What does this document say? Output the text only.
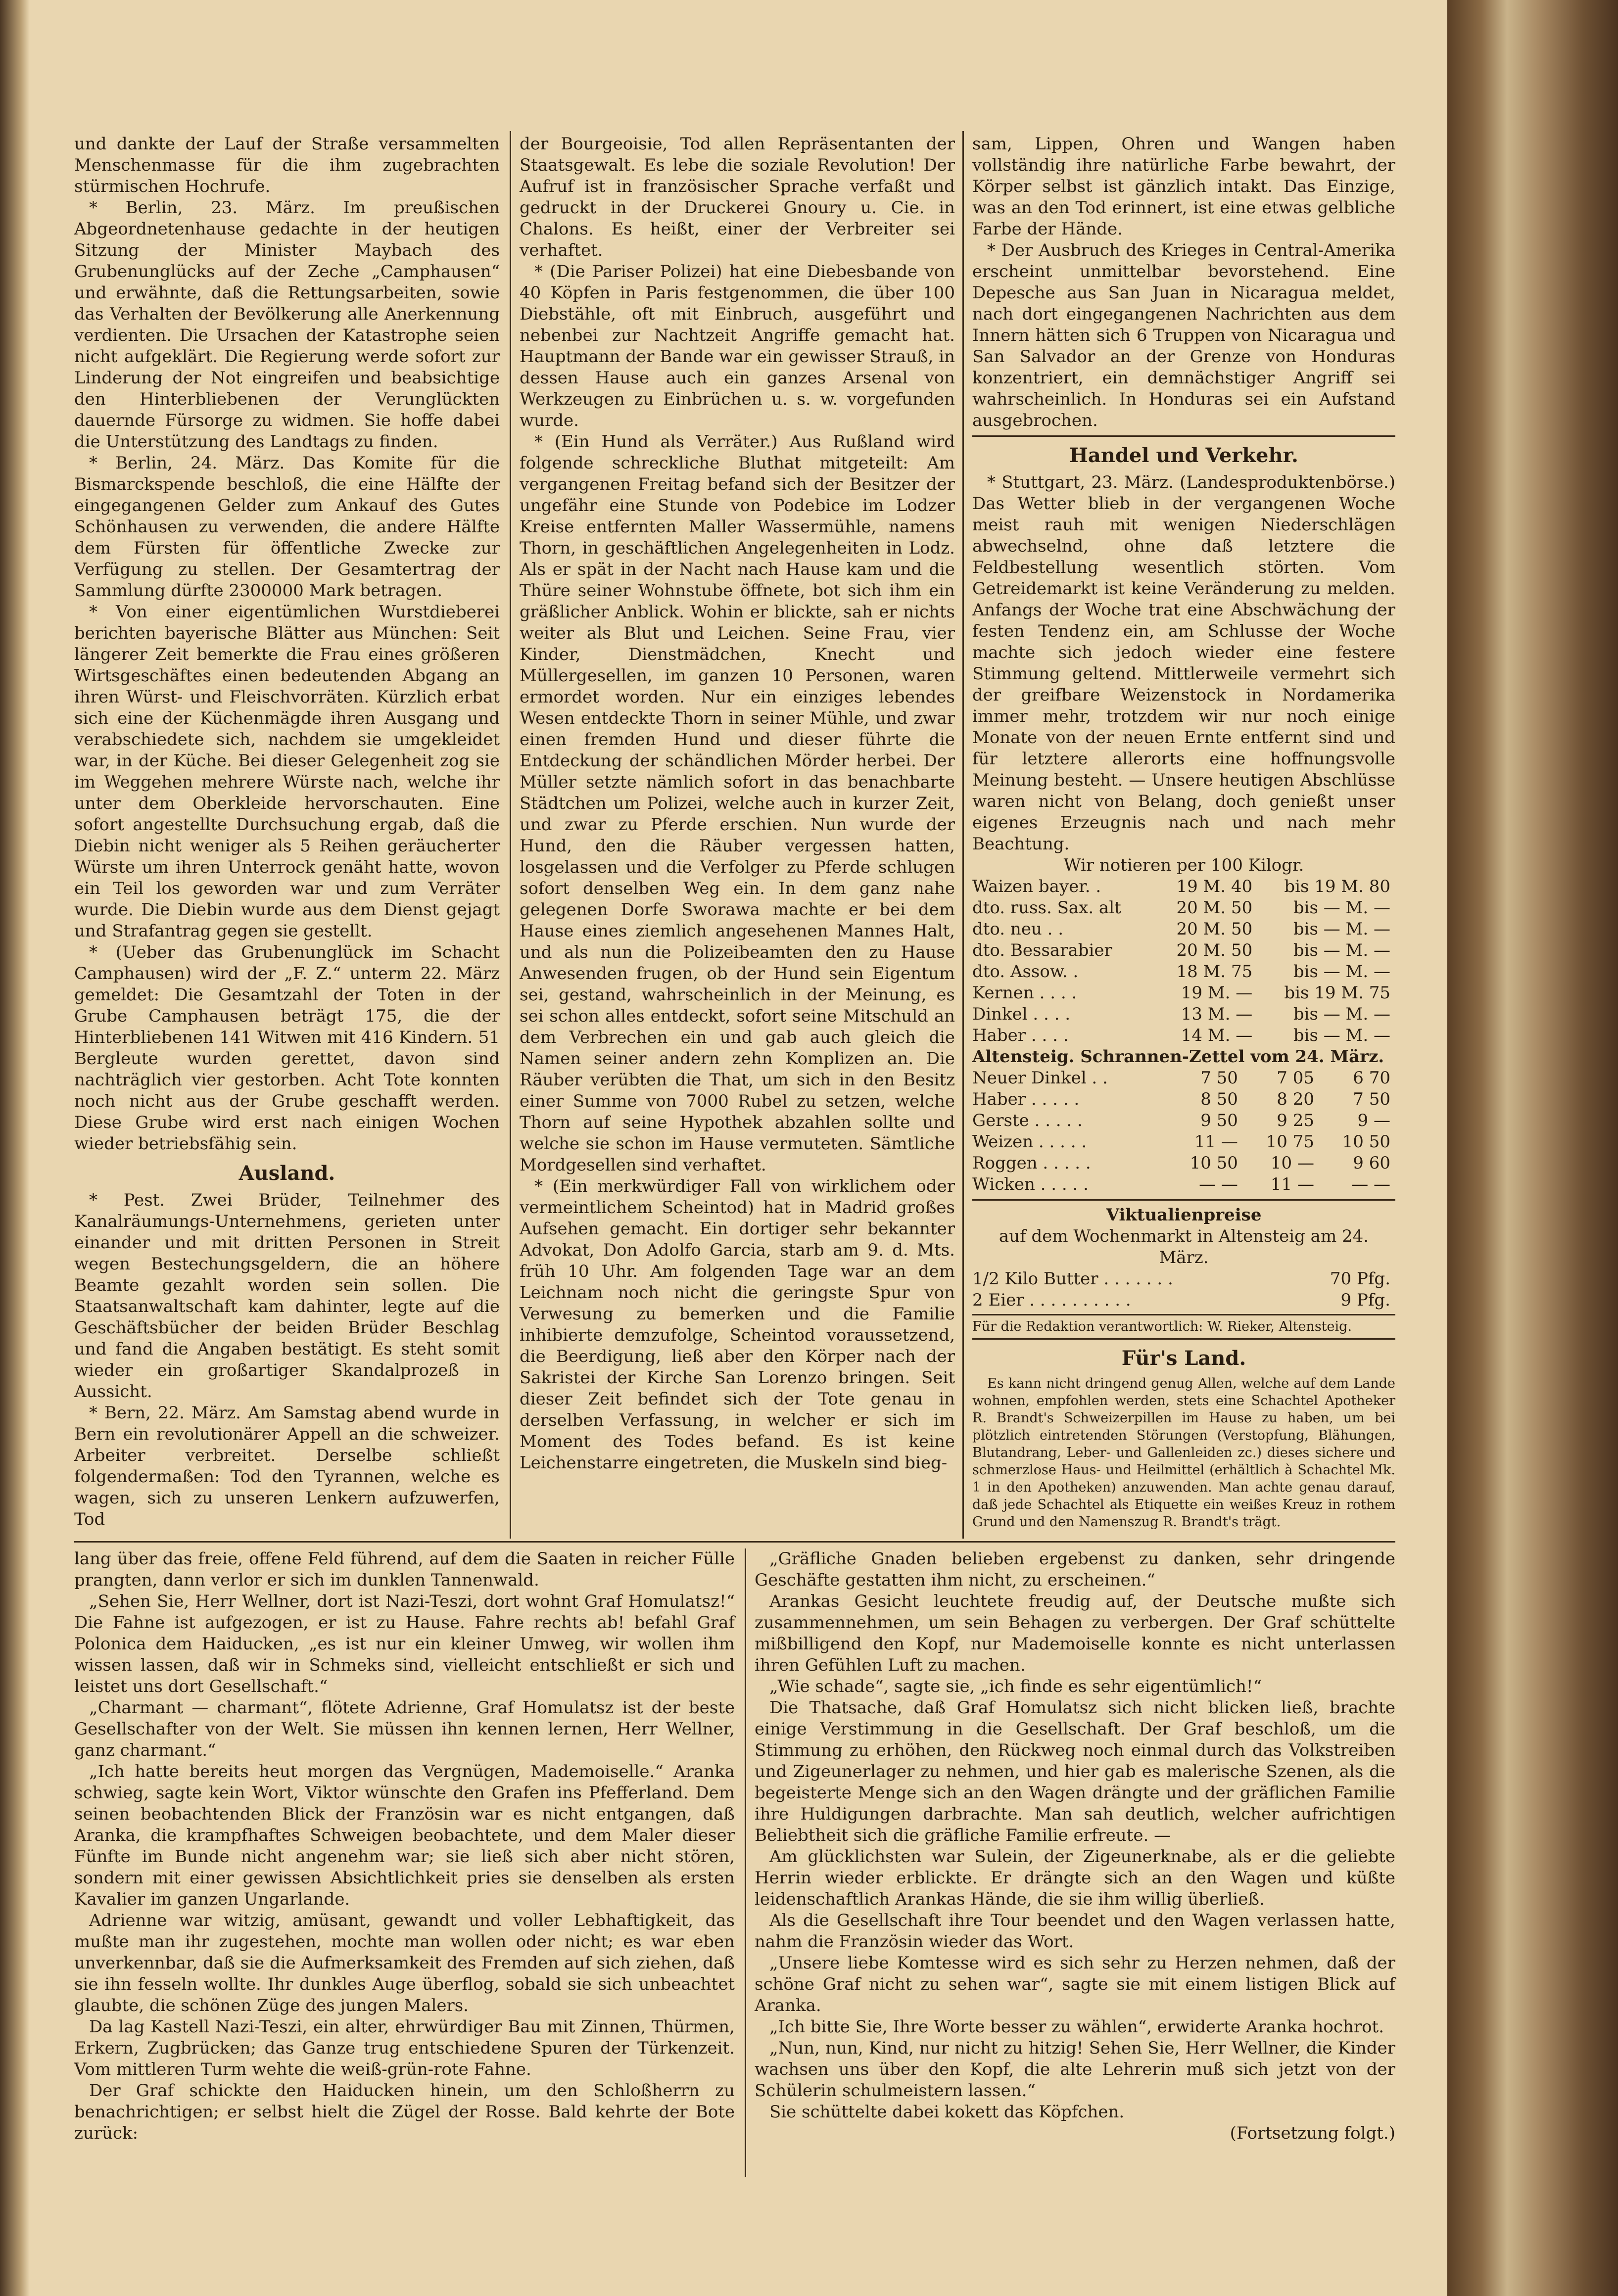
und dankte der Lauf der Straße versammelten Menschenmasse für die ihm zugebrachten stürmischen Hochrufe.

* Berlin, 23. März. Im preußischen Abgeordnetenhause gedachte in der heutigen Sitzung der Minister Maybach des Grubenunglücks auf der Zeche „Camphausen“ und erwähnte, daß die Rettungsarbeiten, sowie das Verhalten der Bevölkerung alle Anerkennung verdienten. Die Ursachen der Katastrophe seien nicht aufgeklärt. Die Regierung werde sofort zur Linderung der Not eingreifen und beabsichtige den Hinterbliebenen der Verunglückten dauernde Fürsorge zu widmen. Sie hoffe dabei die Unterstützung des Landtags zu finden.

* Berlin, 24. März. Das Komite für die Bismarckspende beschloß, die eine Hälfte der eingegangenen Gelder zum Ankauf des Gutes Schönhausen zu verwenden, die andere Hälfte dem Fürsten für öffentliche Zwecke zur Verfügung zu stellen. Der Gesamtertrag der Sammlung dürfte 2300000 Mark betragen.

* Von einer eigentümlichen Wurstdieberei berichten bayerische Blätter aus München: Seit längerer Zeit bemerkte die Frau eines größeren Wirtsgeschäftes einen bedeutenden Abgang an ihren Würst- und Fleischvorräten. Kürzlich erbat sich eine der Küchenmägde ihren Ausgang und verabschiedete sich, nachdem sie umgekleidet war, in der Küche. Bei dieser Gelegenheit zog sie im Weggehen mehrere Würste nach, welche ihr unter dem Oberkleide hervorschauten. Eine sofort angestellte Durchsuchung ergab, daß die Diebin nicht weniger als 5 Reihen geräucherter Würste um ihren Unterrock genäht hatte, wovon ein Teil los geworden war und zum Verräter wurde. Die Diebin wurde aus dem Dienst gejagt und Strafantrag gegen sie gestellt.

* (Ueber das Grubenunglück im Schacht Camphausen) wird der „F. Z.“ unterm 22. März gemeldet: Die Gesamtzahl der Toten in der Grube Camphausen beträgt 175, die der Hinterbliebenen 141 Witwen mit 416 Kindern. 51 Bergleute wurden gerettet, davon sind nachträglich vier gestorben. Acht Tote konnten noch nicht aus der Grube geschafft werden. Diese Grube wird erst nach einigen Wochen wieder betriebsfähig sein.

Ausland.

* Pest. Zwei Brüder, Teilnehmer des Kanalräumungs-Unternehmens, gerieten unter einander und mit dritten Personen in Streit wegen Bestechungsgeldern, die an höhere Beamte gezahlt worden sein sollen. Die Staatsanwaltschaft kam dahinter, legte auf die Geschäftsbücher der beiden Brüder Beschlag und fand die Angaben bestätigt. Es steht somit wieder ein großartiger Skandalprozeß in Aussicht.

* Bern, 22. März. Am Samstag abend wurde in Bern ein revolutionärer Appell an die schweizer. Arbeiter verbreitet. Derselbe schließt folgendermaßen: Tod den Tyrannen, welche es wagen, sich zu unseren Lenkern aufzuwerfen, Tod

der Bourgeoisie, Tod allen Repräsentanten der Staatsgewalt. Es lebe die soziale Revolution! Der Aufruf ist in französischer Sprache verfaßt und gedruckt in der Druckerei Gnoury u. Cie. in Chalons. Es heißt, einer der Verbreiter sei verhaftet.

* (Die Pariser Polizei) hat eine Diebesbande von 40 Köpfen in Paris festgenommen, die über 100 Diebstähle, oft mit Einbruch, ausgeführt und nebenbei zur Nachtzeit Angriffe gemacht hat. Hauptmann der Bande war ein gewisser Strauß, in dessen Hause auch ein ganzes Arsenal von Werkzeugen zu Einbrüchen u. s. w. vorgefunden wurde.

* (Ein Hund als Verräter.) Aus Rußland wird folgende schreckliche Bluthat mitgeteilt: Am vergangenen Freitag befand sich der Besitzer der ungefähr eine Stunde von Podebice im Lodzer Kreise entfernten Maller Wassermühle, namens Thorn, in geschäftlichen Angelegenheiten in Lodz. Als er spät in der Nacht nach Hause kam und die Thüre seiner Wohnstube öffnete, bot sich ihm ein gräßlicher Anblick. Wohin er blickte, sah er nichts weiter als Blut und Leichen. Seine Frau, vier Kinder, Dienstmädchen, Knecht und Müllergesellen, im ganzen 10 Personen, waren ermordet worden. Nur ein einziges lebendes Wesen entdeckte Thorn in seiner Mühle, und zwar einen fremden Hund und dieser führte die Entdeckung der schändlichen Mörder herbei. Der Müller setzte nämlich sofort in das benachbarte Städtchen um Polizei, welche auch in kurzer Zeit, und zwar zu Pferde erschien. Nun wurde der Hund, den die Räuber vergessen hatten, losgelassen und die Verfolger zu Pferde schlugen sofort denselben Weg ein. In dem ganz nahe gelegenen Dorfe Sworawa machte er bei dem Hause eines ziemlich angesehenen Mannes Halt, und als nun die Polizeibeamten den zu Hause Anwesenden frugen, ob der Hund sein Eigentum sei, gestand, wahrscheinlich in der Meinung, es sei schon alles entdeckt, sofort seine Mitschuld an dem Verbrechen ein und gab auch gleich die Namen seiner andern zehn Komplizen an. Die Räuber verübten die That, um sich in den Besitz einer Summe von 7000 Rubel zu setzen, welche Thorn auf seine Hypothek abzahlen sollte und welche sie schon im Hause vermuteten. Sämtliche Mordgesellen sind verhaftet.

* (Ein merkwürdiger Fall von wirklichem oder vermeintlichem Scheintod) hat in Madrid großes Aufsehen gemacht. Ein dortiger sehr bekannter Advokat, Don Adolfo Garcia, starb am 9. d. Mts. früh 10 Uhr. Am folgenden Tage war an dem Leichnam noch nicht die geringste Spur von Verwesung zu bemerken und die Familie inhibierte demzufolge, Scheintod voraussetzend, die Beerdigung, ließ aber den Körper nach der Sakristei der Kirche San Lorenzo bringen. Seit dieser Zeit befindet sich der Tote genau in derselben Verfassung, in welcher er sich im Moment des Todes befand. Es ist keine Leichenstarre eingetreten, die Muskeln sind bieg-

sam, Lippen, Ohren und Wangen haben vollständig ihre natürliche Farbe bewahrt, der Körper selbst ist gänzlich intakt. Das Einzige, was an den Tod erinnert, ist eine etwas gelbliche Farbe der Hände.

* Der Ausbruch des Krieges in Central-Amerika erscheint unmittelbar bevorstehend. Eine Depesche aus San Juan in Nicaragua meldet, nach dort eingegangenen Nachrichten aus dem Innern hätten sich 6 Truppen von Nicaragua und San Salvador an der Grenze von Honduras konzentriert, ein demnächstiger Angriff sei wahrscheinlich. In Honduras sei ein Aufstand ausgebrochen.

Handel und Verkehr.

* Stuttgart, 23. März. (Landesproduktenbörse.) Das Wetter blieb in der vergangenen Woche meist rauh mit wenigen Niederschlägen abwechselnd, ohne daß letztere die Feldbestellung wesentlich störten. Vom Getreidemarkt ist keine Veränderung zu melden. Anfangs der Woche trat eine Abschwächung der festen Tendenz ein, am Schlusse der Woche machte sich jedoch wieder eine festere Stimmung geltend. Mittlerweile vermehrt sich der greifbare Weizenstock in Nordamerika immer mehr, trotzdem wir nur noch einige Monate von der neuen Ernte entfernt sind und für letztere allerorts eine hoffnungsvolle Meinung besteht. — Unsere heutigen Abschlüsse waren nicht von Belang, doch genießt unser eigenes Erzeugnis nach und nach mehr Beachtung.

Wir notieren per 100 Kilogr.
Waizen bayer. .	19 M. 40	bis 19 M. 80
dto. russ. Sax. alt	20 M. 50	bis — M. —
dto. neu . .	20 M. 50	bis — M. —
dto. Bessarabier	20 M. 50	bis — M. —
dto. Assow. .	18 M. 75	bis — M. —
Kernen . . . .	19 M. —	bis 19 M. 75
Dinkel . . . .	13 M. —	bis — M. —
Haber . . . .	14 M. —	bis — M. —
Altensteig. Schrannen-Zettel vom 24. März.
Neuer Dinkel . .	7 50	7 05	6 70
Haber . . . . .	8 50	8 20	7 50
Gerste . . . . .	9 50	9 25	9 —
Weizen . . . . .	11 —	10 75	10 50
Roggen . . . . .	10 50	10 —	9 60
Wicken . . . . .	— —	11 —	— —
Viktualienpreise
auf dem Wochenmarkt in Altensteig am 24. März.
1/2 Kilo Butter . . . . . . .	70 Pfg.
2 Eier . . . . . . . . . .	9 Pfg.
Für die Redaktion verantwortlich: W. Rieker, Altensteig.
Für's Land.

Es kann nicht dringend genug Allen, welche auf dem Lande wohnen, empfohlen werden, stets eine Schachtel Apotheker R. Brandt's Schweizerpillen im Hause zu haben, um bei plötzlich eintretenden Störungen (Verstopfung, Blähungen, Blutandrang, Leber- und Gallenleiden zc.) dieses sichere und schmerzlose Haus- und Heilmittel (erhältlich à Schachtel Mk. 1 in den Apotheken) anzuwenden. Man achte genau darauf, daß jede Schachtel als Etiquette ein weißes Kreuz in rothem Grund und den Namenszug R. Brandt's trägt.

lang über das freie, offene Feld führend, auf dem die Saaten in reicher Fülle prangten, dann verlor er sich im dunklen Tannenwald.

„Sehen Sie, Herr Wellner, dort ist Nazi-Teszi, dort wohnt Graf Homulatsz!“ Die Fahne ist aufgezogen, er ist zu Hause. Fahre rechts ab! befahl Graf Polonica dem Haiducken, „es ist nur ein kleiner Umweg, wir wollen ihm wissen lassen, daß wir in Schmeks sind, vielleicht entschließt er sich und leistet uns dort Gesellschaft.“

„Charmant — charmant“, flötete Adrienne, Graf Homulatsz ist der beste Gesellschafter von der Welt. Sie müssen ihn kennen lernen, Herr Wellner, ganz charmant.“

„Ich hatte bereits heut morgen das Vergnügen, Mademoiselle.“ Aranka schwieg, sagte kein Wort, Viktor wünschte den Grafen ins Pfefferland. Dem seinen beobachtenden Blick der Französin war es nicht entgangen, daß Aranka, die krampfhaftes Schweigen beobachtete, und dem Maler dieser Fünfte im Bunde nicht angenehm war; sie ließ sich aber nicht stören, sondern mit einer gewissen Absichtlichkeit pries sie denselben als ersten Kavalier im ganzen Ungarlande.

Adrienne war witzig, amüsant, gewandt und voller Lebhaftigkeit, das mußte man ihr zugestehen, mochte man wollen oder nicht; es war eben unverkennbar, daß sie die Aufmerksamkeit des Fremden auf sich ziehen, daß sie ihn fesseln wollte. Ihr dunkles Auge überflog, sobald sie sich unbeachtet glaubte, die schönen Züge des jungen Malers.

Da lag Kastell Nazi-Teszi, ein alter, ehrwürdiger Bau mit Zinnen, Thürmen, Erkern, Zugbrücken; das Ganze trug entschiedene Spuren der Türkenzeit. Vom mittleren Turm wehte die weiß-grün-rote Fahne.

Der Graf schickte den Haiducken hinein, um den Schloßherrn zu benachrichtigen; er selbst hielt die Zügel der Rosse. Bald kehrte der Bote zurück:

„Gräfliche Gnaden belieben ergebenst zu danken, sehr dringende Geschäfte gestatten ihm nicht, zu erscheinen.“

Arankas Gesicht leuchtete freudig auf, der Deutsche mußte sich zusammennehmen, um sein Behagen zu verbergen. Der Graf schüttelte mißbilligend den Kopf, nur Mademoiselle konnte es nicht unterlassen ihren Gefühlen Luft zu machen.

„Wie schade“, sagte sie, „ich finde es sehr eigentümlich!“

Die Thatsache, daß Graf Homulatsz sich nicht blicken ließ, brachte einige Verstimmung in die Gesellschaft. Der Graf beschloß, um die Stimmung zu erhöhen, den Rückweg noch einmal durch das Volkstreiben und Zigeunerlager zu nehmen, und hier gab es malerische Szenen, als die begeisterte Menge sich an den Wagen drängte und der gräflichen Familie ihre Huldigungen darbrachte. Man sah deutlich, welcher aufrichtigen Beliebtheit sich die gräfliche Familie erfreute. —

Am glücklichsten war Sulein, der Zigeunerknabe, als er die geliebte Herrin wieder erblickte. Er drängte sich an den Wagen und küßte leidenschaftlich Arankas Hände, die sie ihm willig überließ.

Als die Gesellschaft ihre Tour beendet und den Wagen verlassen hatte, nahm die Französin wieder das Wort.

„Unsere liebe Komtesse wird es sich sehr zu Herzen nehmen, daß der schöne Graf nicht zu sehen war“, sagte sie mit einem listigen Blick auf Aranka.

„Ich bitte Sie, Ihre Worte besser zu wählen“, erwiderte Aranka hochrot.

„Nun, nun, Kind, nur nicht zu hitzig! Sehen Sie, Herr Wellner, die Kinder wachsen uns über den Kopf, die alte Lehrerin muß sich jetzt von der Schülerin schulmeistern lassen.“

Sie schüttelte dabei kokett das Köpfchen.

(Fortsetzung folgt.)
